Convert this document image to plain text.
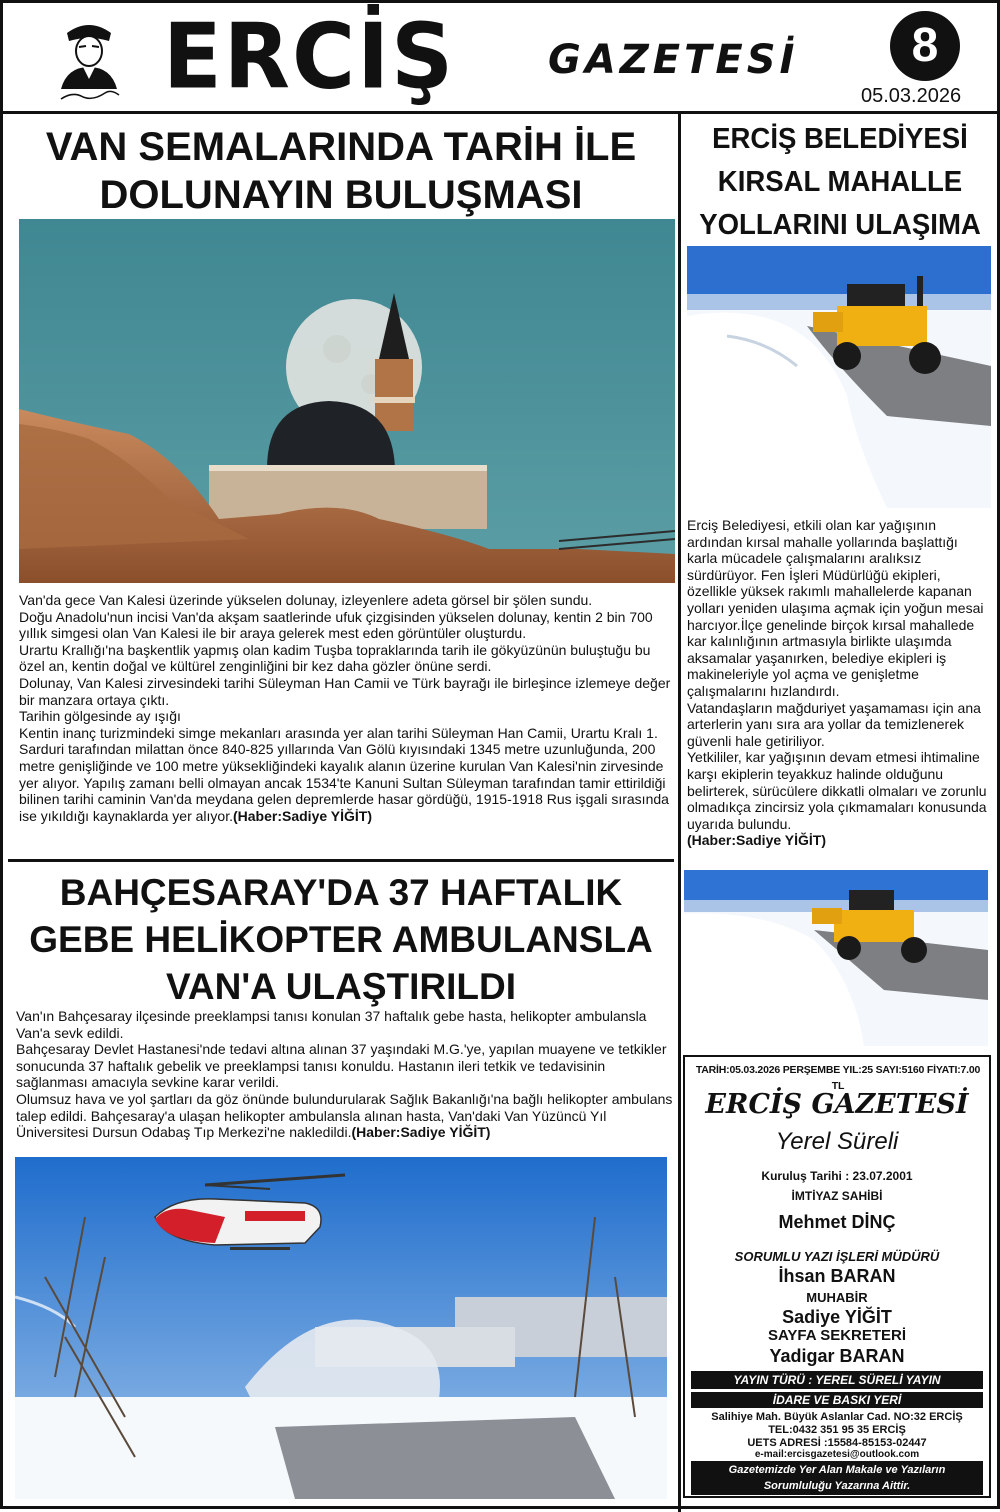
ERCİŞ GAZETESİ	8
05.03.2026
VAN SEMALARINDA TARİH İLE DOLUNAYIN BULUŞMASI
Van'da gece Van Kalesi üzerinde yükselen dolunay, izleyenlere adeta görsel bir şölen sundu.
Doğu Anadolu'nun incisi Van'da akşam saatlerinde ufuk çizgisinden yükselen dolunay, kentin 2 bin 700 yıllık simgesi olan Van Kalesi ile bir araya gelerek mest eden görüntüler oluşturdu.
Urartu Krallığı'na başkentlik yapmış olan kadim Tuşba topraklarında tarih ile gökyüzünün buluştuğu bu özel an, kentin doğal ve kültürel zenginliğini bir kez daha gözler önüne serdi.
Dolunay, Van Kalesi zirvesindeki tarihi Süleyman Han Camii ve Türk bayrağı ile birleşince izlemeye değer bir manzara ortaya çıktı.
Tarihin gölgesinde ay ışığı
Kentin inanç turizmindeki simge mekanları arasında yer alan tarihi Süleyman Han Camii, Urartu Kralı 1. Sarduri tarafından milattan önce 840-825 yıllarında Van Gölü kıyısındaki 1345 metre uzunluğunda, 200 metre genişliğinde ve 100 metre yüksekliğindeki kayalık alanın üzerine kurulan Van Kalesi'nin zirvesinde yer alıyor. Yapılış zamanı belli olmayan ancak 1534'te Kanuni Sultan Süleyman tarafından tamir ettirildiği bilinen tarihi caminin Van'da meydana gelen depremlerde hasar gördüğü, 1915-1918 Rus işgali sırasında ise yıkıldığı kaynaklarda yer alıyor.(Haber:Sadiye YİĞİT)
ERCİŞ BELEDİYESİ KIRSAL MAHALLE YOLLARINI ULAŞIMA
Erciş Belediyesi, etkili olan kar yağışının ardından kırsal mahalle yollarında başlattığı karla mücadele çalışmalarını aralıksız sürdürüyor. Fen İşleri Müdürlüğü ekipleri, özellikle yüksek rakımlı mahallelerde kapanan yolları yeniden ulaşıma açmak için yoğun mesai harcıyor.İlçe genelinde birçok kırsal mahallede kar kalınlığının artmasıyla birlikte ulaşımda aksamalar yaşanırken, belediye ekipleri iş makineleriyle yol açma ve genişletme çalışmalarını hızlandırdı.
Vatandaşların mağduriyet yaşamaması için ana arterlerin yanı sıra ara yollar da temizlenerek güvenli hale getiriliyor.
Yetkililer, kar yağışının devam etmesi ihtimaline karşı ekiplerin teyakkuz halinde olduğunu belirterek, sürücülere dikkatli olmaları ve zorunlu olmadıkça zincirsiz yola çıkmamaları konusunda uyarıda bulundu.
(Haber:Sadiye YİĞİT)
BAHÇESARAY'DA 37 HAFTALIK GEBE HELİKOPTER AMBULANSLA VAN'A ULAŞTIRILDI
Van'ın Bahçesaray ilçesinde preeklampsi tanısı konulan 37 haftalık gebe hasta, helikopter ambulansla Van'a sevk edildi.
Bahçesaray Devlet Hastanesi'nde tedavi altına alınan 37 yaşındaki M.G.'ye, yapılan muayene ve tetkikler sonucunda 37 haftalık gebelik ve preeklampsi tanısı konuldu. Hastanın ileri tetkik ve tedavisinin sağlanması amacıyla sevkine karar verildi.
Olumsuz hava ve yol şartları da göz önünde bulundurularak Sağlık Bakanlığı'na bağlı helikopter ambulans talep edildi. Bahçesaray'a ulaşan helikopter ambulansla alınan hasta, Van'daki Van Yüzüncü Yıl Üniversitesi Dursun Odabaş Tıp Merkezi'ne nakledildi.(Haber:Sadiye YİĞİT)
TARİH:05.03.2026 PERŞEMBE YIL:25 SAYI:5160 FİYATI:7.00 TL
ERCİŞ GAZETESİ
Yerel Süreli
Kuruluş Tarihi : 23.07.2001
İMTİYAZ SAHİBİ
Mehmet DİNÇ
SORUMLU YAZI İŞLERİ MÜDÜRÜ
İhsan BARAN
MUHABİR
Sadiye YİĞİT
SAYFA SEKRETERİ
Yadigar BARAN
YAYIN TÜRÜ : YEREL SÜRELİ YAYIN
İDARE VE BASKI YERİ
Salihiye Mah. Büyük Aslanlar Cad. NO:32 ERCİŞ
TEL:0432 351 95 35 ERCİŞ
UETS ADRESİ :15584-85153-02447
e-mail:ercisgazetesi@outlook.com
Gazetemizde Yer Alan Makale ve Yazıların Sorumluluğu Yazarına Aittir.
